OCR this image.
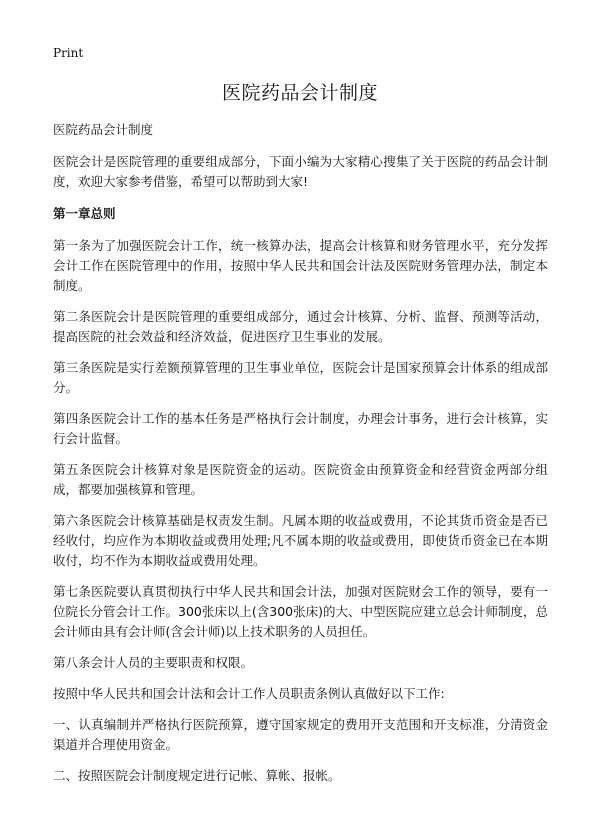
Print
医院药品会计制度

医院药品会计制度

医院会计是医院管理的重要组成部分，下面小编为大家精心搜集了关于医院的药品会计制度，欢迎大家参考借鉴，希望可以帮助到大家!

第一章总则

第一条为了加强医院会计工作，统一核算办法，提高会计核算和财务管理水平，充分发挥会计工作在医院管理中的作用，按照中华人民共和国会计法及医院财务管理办法，制定本制度。

第二条医院会计是医院管理的重要组成部分，通过会计核算、分析、监督、预测等活动，提高医院的社会效益和经济效益，促进医疗卫生事业的发展。

第三条医院是实行差额预算管理的卫生事业单位，医院会计是国家预算会计体系的组成部分。

第四条医院会计工作的基本任务是严格执行会计制度，办理会计事务，进行会计核算，实行会计监督。

第五条医院会计核算对象是医院资金的运动。医院资金由预算资金和经营资金两部分组成，都要加强核算和管理。

第六条医院会计核算基础是权责发生制。凡属本期的收益或费用，不论其货币资金是否已经收付，均应作为本期收益或费用处理;凡不属本期的收益或费用，即使货币资金已在本期收付，均不作为本期收益或费用处理。

第七条医院要认真贯彻执行中华人民共和国会计法，加强对医院财会工作的领导，要有一位院长分管会计工作。300张床以上(含300张床)的大、中型医院应建立总会计师制度，总会计师由具有会计师(含会计师)以上技术职务的人员担任。

第八条会计人员的主要职责和权限。

按照中华人民共和国会计法和会计工作人员职责条例认真做好以下工作:

一、认真编制并严格执行医院预算，遵守国家规定的费用开支范围和开支标准，分清资金渠道并合理使用资金。

二、按照医院会计制度规定进行记帐、算帐、报帐。
